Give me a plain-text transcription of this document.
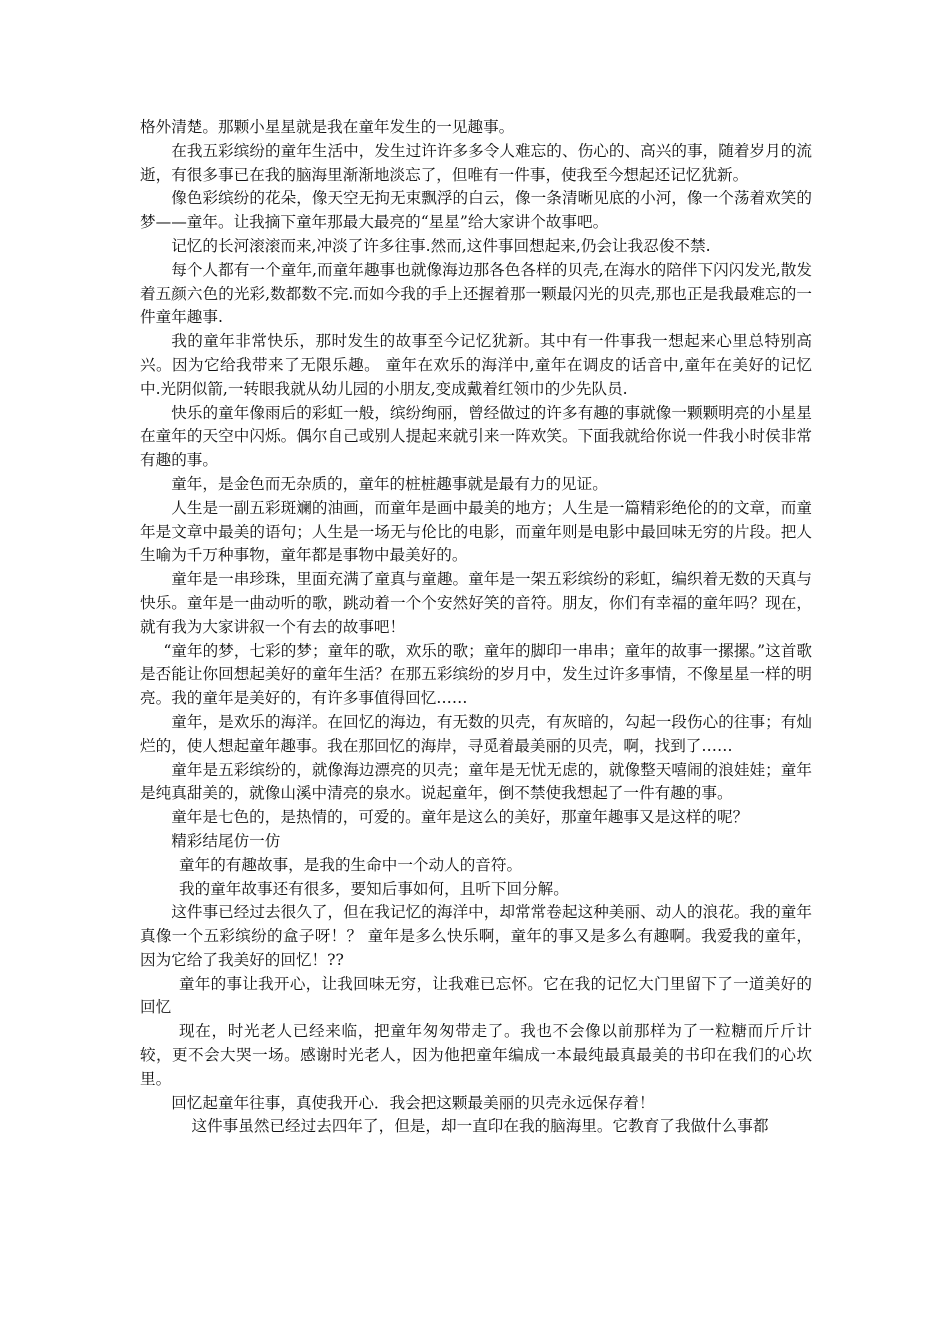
格外清楚。那颗小星星就是我在童年发生的一见趣事。

在我五彩缤纷的童年生活中，发生过许许多多令人难忘的、伤心的、高兴的事，随着岁月的流逝，有很多事已在我的脑海里渐渐地淡忘了，但唯有一件事，使我至今想起还记忆犹新。

像色彩缤纷的花朵，像天空无拘无束飘浮的白云，像一条清晰见底的小河，像一个荡着欢笑的梦——童年。让我摘下童年那最大最亮的“星星”给大家讲个故事吧。

记忆的长河滚滚而来,冲淡了许多往事.然而,这件事回想起来,仍会让我忍俊不禁.

每个人都有一个童年,而童年趣事也就像海边那各色各样的贝壳,在海水的陪伴下闪闪发光,散发着五颜六色的光彩,数都数不完.而如今我的手上还握着那一颗最闪光的贝壳,那也正是我最难忘的一件童年趣事.

我的童年非常快乐，那时发生的故事至今记忆犹新。其中有一件事我一想起来心里总特别高兴。因为它给我带来了无限乐趣。 童年在欢乐的海洋中,童年在调皮的话音中,童年在美好的记忆中.光阴似箭,一转眼我就从幼儿园的小朋友,变成戴着红领巾的少先队员.

快乐的童年像雨后的彩虹一般，缤纷绚丽，曾经做过的许多有趣的事就像一颗颗明亮的小星星在童年的天空中闪烁。偶尔自己或别人提起来就引来一阵欢笑。下面我就给你说一件我小时侯非常有趣的事。

童年，是金色而无杂质的，童年的桩桩趣事就是最有力的见证。

人生是一副五彩斑斓的油画，而童年是画中最美的地方；人生是一篇精彩绝伦的的文章，而童年是文章中最美的语句；人生是一场无与伦比的电影，而童年则是电影中最回味无穷的片段。把人生喻为千万种事物，童年都是事物中最美好的。

童年是一串珍珠，里面充满了童真与童趣。童年是一架五彩缤纷的彩虹，编织着无数的天真与快乐。童年是一曲动听的歌，跳动着一个个安然好笑的音符。朋友，你们有幸福的童年吗？现在，就有我为大家讲叙一个有去的故事吧！

“童年的梦，七彩的梦；童年的歌，欢乐的歌；童年的脚印一串串；童年的故事一摞摞。”这首歌是否能让你回想起美好的童年生活？在那五彩缤纷的岁月中，发生过许多事情，不像星星一样的明亮。我的童年是美好的，有许多事值得回忆……

童年，是欢乐的海洋。在回忆的海边，有无数的贝壳，有灰暗的，勾起一段伤心的往事；有灿烂的，使人想起童年趣事。我在那回忆的海岸，寻觅着最美丽的贝壳，啊，找到了……

童年是五彩缤纷的，就像海边漂亮的贝壳；童年是无忧无虑的，就像整天嘻闹的浪娃娃；童年是纯真甜美的，就像山溪中清亮的泉水。说起童年，倒不禁使我想起了一件有趣的事。

童年是七色的，是热情的，可爱的。童年是这么的美好，那童年趣事又是这样的呢？

精彩结尾仿一仿

童年的有趣故事，是我的生命中一个动人的音符。

我的童年故事还有很多，要知后事如何，且听下回分解。

这件事已经过去很久了，但在我记忆的海洋中，却常常卷起这种美丽、动人的浪花。我的童年真像一个五彩缤纷的盒子呀！？ 童年是多么快乐啊，童年的事又是多么有趣啊。我爱我的童年，因为它给了我美好的回忆！??

童年的事让我开心，让我回味无穷，让我难已忘怀。它在我的记忆大门里留下了一道美好的回忆

现在，时光老人已经来临，把童年匆匆带走了。我也不会像以前那样为了一粒糖而斤斤计较，更不会大哭一场。感谢时光老人，因为他把童年编成一本最纯最真最美的书印在我们的心坎里。

回忆起童年往事，真使我开心．我会把这颗最美丽的贝壳永远保存着！

这件事虽然已经过去四年了，但是，却一直印在我的脑海里。它教育了我做什么事都
